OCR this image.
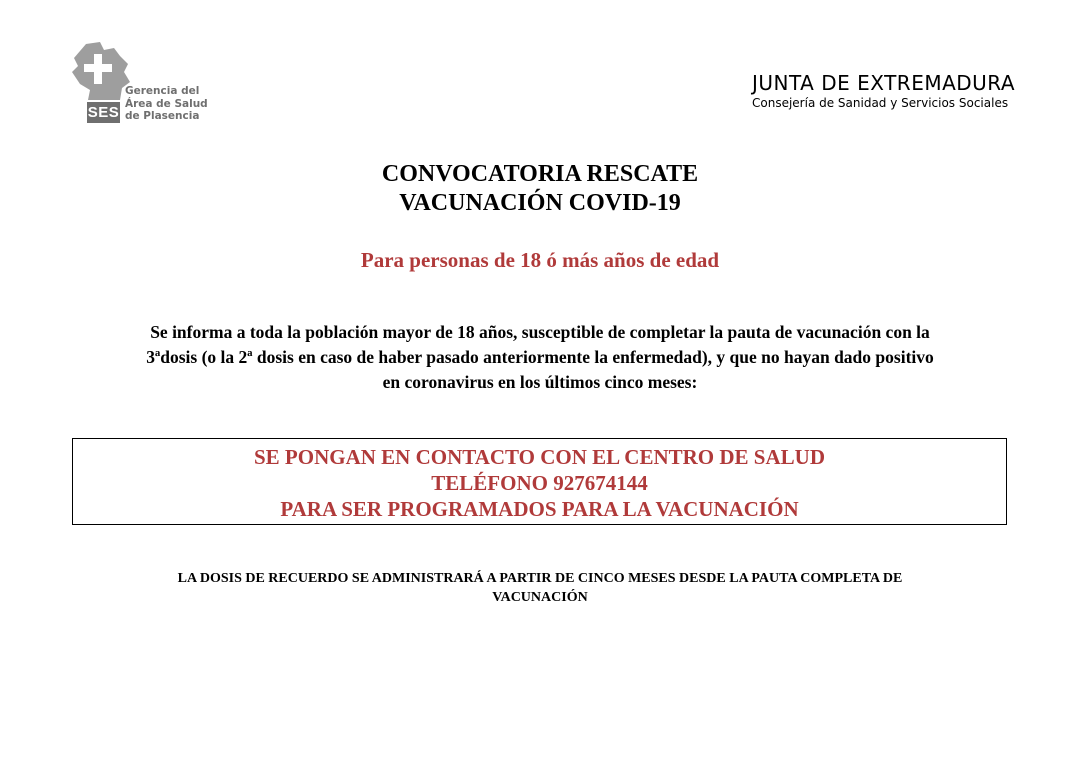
SES
Gerencia del
Área de Salud
de Plasencia
JUNTA DE EXTREMADURA
Consejería de Sanidad y Servicios Sociales
CONVOCATORIA RESCATE
VACUNACIÓN COVID-19
Para personas de 18 ó más años de edad
Se informa a toda la población mayor de 18 años, susceptible de completar la pauta de vacunación con la
3ªdosis (o la 2ª dosis en caso de haber pasado anteriormente la enfermedad), y que no hayan dado positivo
en coronavirus en los últimos cinco meses:
SE PONGAN EN CONTACTO CON EL CENTRO DE SALUD
TELÉFONO 927674144
PARA SER PROGRAMADOS PARA LA VACUNACIÓN
LA DOSIS DE RECUERDO SE ADMINISTRARÁ A PARTIR DE CINCO MESES DESDE LA PAUTA COMPLETA DE
VACUNACIÓN
